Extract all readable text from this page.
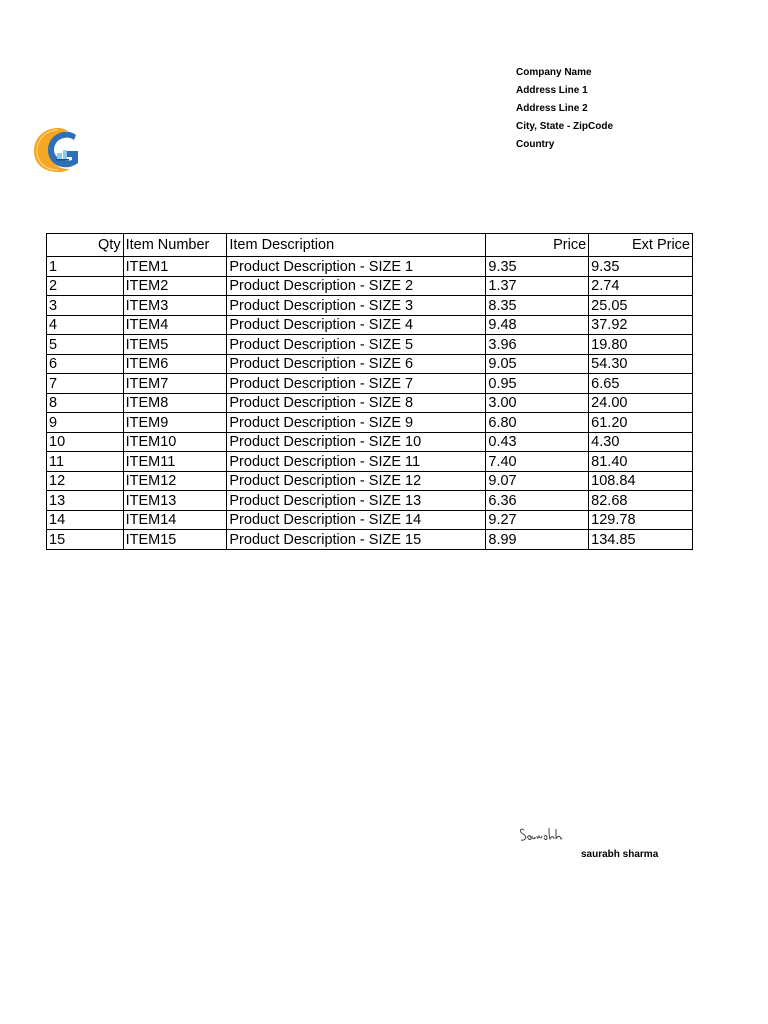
Company Name
Address Line 1
Address Line 2
City, State - ZipCode
Country
Qty	Item Number	Item Description	Price	Ext Price
1	ITEM1	Product Description - SIZE 1	9.35	9.35
2	ITEM2	Product Description - SIZE 2	1.37	2.74
3	ITEM3	Product Description - SIZE 3	8.35	25.05
4	ITEM4	Product Description - SIZE 4	9.48	37.92
5	ITEM5	Product Description - SIZE 5	3.96	19.80
6	ITEM6	Product Description - SIZE 6	9.05	54.30
7	ITEM7	Product Description - SIZE 7	0.95	6.65
8	ITEM8	Product Description - SIZE 8	3.00	24.00
9	ITEM9	Product Description - SIZE 9	6.80	61.20
10	ITEM10	Product Description - SIZE 10	0.43	4.30
11	ITEM11	Product Description - SIZE 11	7.40	81.40
12	ITEM12	Product Description - SIZE 12	9.07	108.84
13	ITEM13	Product Description - SIZE 13	6.36	82.68
14	ITEM14	Product Description - SIZE 14	9.27	129.78
15	ITEM15	Product Description - SIZE 15	8.99	134.85
saurabh sharma
